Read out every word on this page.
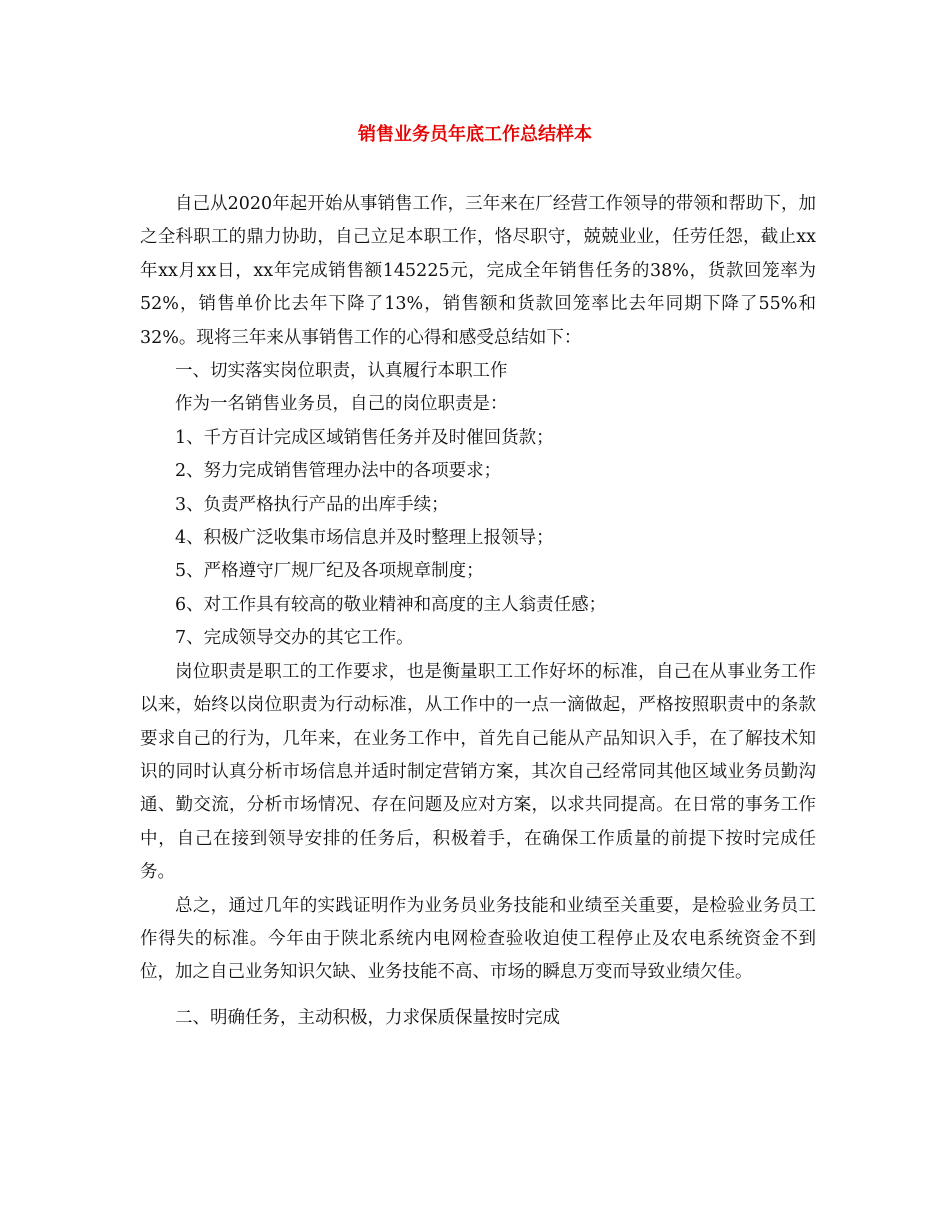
销售业务员年底工作总结样本

自己从2020年起开始从事销售工作，三年来在厂经营工作领导的带领和帮助下，加之全科职工的鼎力协助，自己立足本职工作，恪尽职守，兢兢业业，任劳任怨，截止xx年xx月xx日，xx年完成销售额145225元，完成全年销售任务的38%，货款回笼率为52%，销售单价比去年下降了13%，销售额和货款回笼率比去年同期下降了55%和32%。现将三年来从事销售工作的心得和感受总结如下：

一、切实落实岗位职责，认真履行本职工作

作为一名销售业务员，自己的岗位职责是：

1、千方百计完成区域销售任务并及时催回货款；

2、努力完成销售管理办法中的各项要求；

3、负责严格执行产品的出库手续；

4、积极广泛收集市场信息并及时整理上报领导；

5、严格遵守厂规厂纪及各项规章制度；

6、对工作具有较高的敬业精神和高度的主人翁责任感；

7、完成领导交办的其它工作。

岗位职责是职工的工作要求，也是衡量职工工作好坏的标准，自己在从事业务工作以来，始终以岗位职责为行动标准，从工作中的一点一滴做起，严格按照职责中的条款要求自己的行为，几年来，在业务工作中，首先自己能从产品知识入手，在了解技术知识的同时认真分析市场信息并适时制定营销方案，其次自己经常同其他区域业务员勤沟通、勤交流，分析市场情况、存在问题及应对方案，以求共同提高。在日常的事务工作中，自己在接到领导安排的任务后，积极着手，在确保工作质量的前提下按时完成任务。

总之，通过几年的实践证明作为业务员业务技能和业绩至关重要，是检验业务员工作得失的标准。今年由于陕北系统内电网检查验收迫使工程停止及农电系统资金不到位，加之自己业务知识欠缺、业务技能不高、市场的瞬息万变而导致业绩欠佳。

二、明确任务，主动积极，力求保质保量按时完成
